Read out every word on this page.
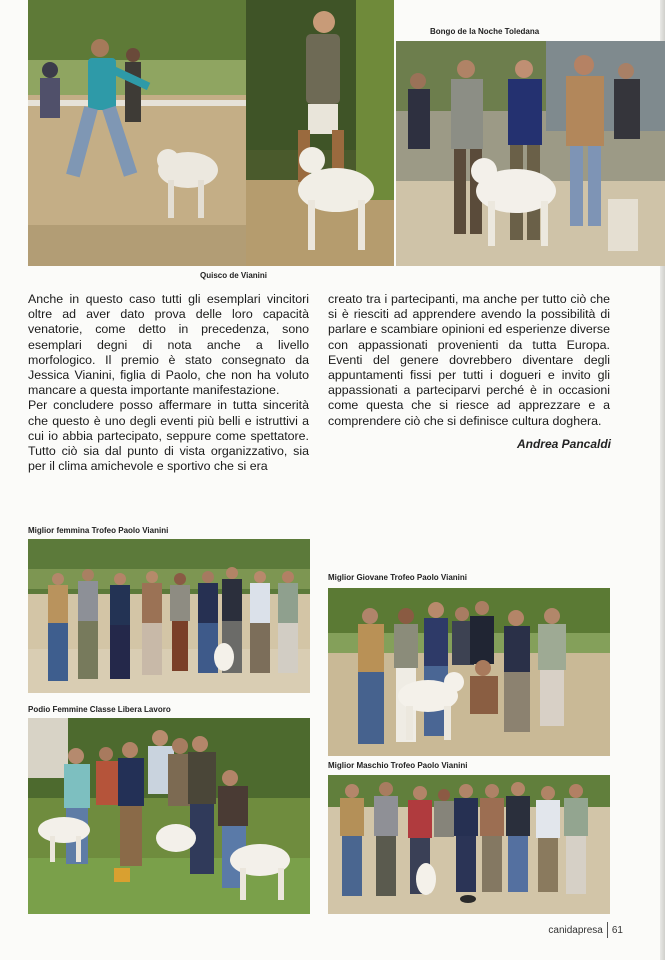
Bongo de la Noche Toledana
Quisco de Vianini

Anche in questo caso tutti gli esemplari vincitori oltre ad aver dato prova delle loro capacità venatorie, come detto in precedenza, sono esemplari degni di nota anche a livello morfologico. Il premio è stato consegnato da Jessica Vianini, figlia di Paolo, che non ha voluto mancare a questa importante manifestazione.

Per concludere posso affermare in tutta sincerità che questo è uno degli eventi più belli e istruttivi a cui io abbia partecipato, seppure come spettatore. Tutto ciò sia dal punto di vista organizzativo, sia per il clima amichevole e sportivo che si era

creato tra i partecipanti, ma anche per tutto ciò che si è riesciti ad apprendere avendo la possibilità di parlare e scambiare opinioni ed esperienze diverse con appassionati provenienti da tutta Europa. Eventi del genere dovrebbero diventare degli appuntamenti fissi per tutti i dogueri e invito gli appassionati a parteciparvi perché è in occasioni come questa che si riesce ad apprezzare e a comprendere ciò che si definisce cultura doghera.

Andrea Pancaldi
Miglior femmina Trofeo Paolo Vianini
Miglior Giovane Trofeo Paolo Vianini
Podio Femmine Classe Libera Lavoro
Miglior Maschio Trofeo Paolo Vianini
canidapresa 61
